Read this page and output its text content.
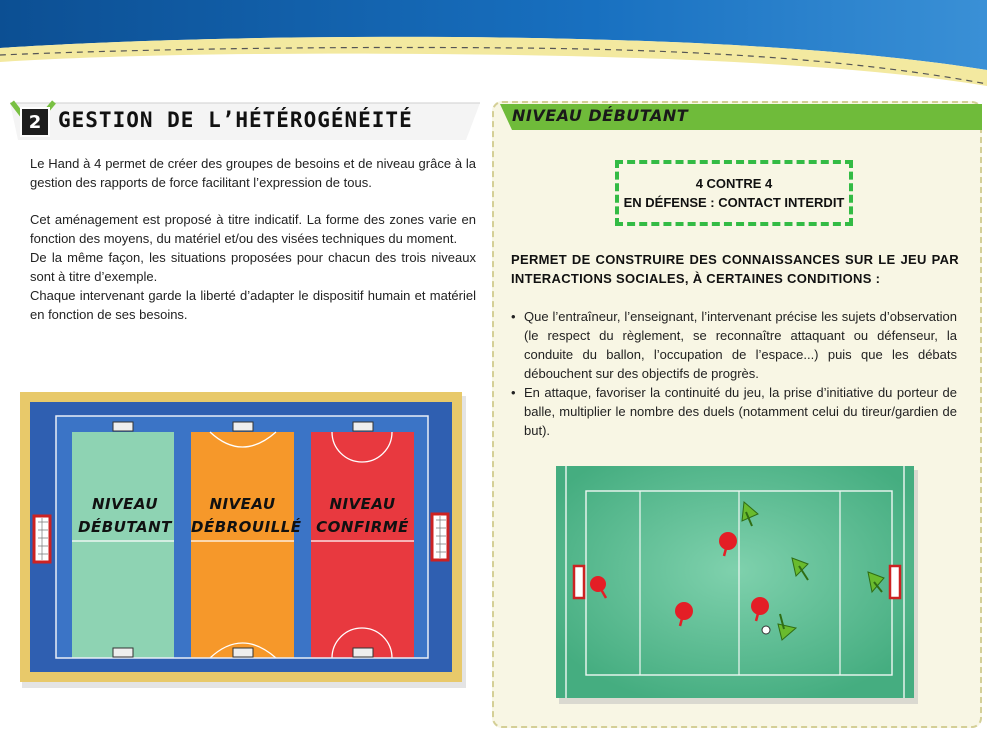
2 GESTION DE L’HÉTÉROGÉNÉITÉ

Le Hand à 4 permet de créer des groupes de besoins et de niveau grâce à la gestion des rapports de force facilitant l’expression de tous.

Cet aménagement est proposé à titre indicatif. La forme des zones varie en fonction des moyens, du matériel et/ou des visées techniques du moment.

De la même façon, les situations proposées pour chacun des trois niveaux sont à titre d’exemple.

Chaque intervenant garde la liberté d’adapter le dispositif humain et matériel en fonction de ses besoins.

NIVEAU
DÉBUTANT
NIVEAU
DÉBROUILLÉ
NIVEAU
CONFIRMÉ
NIVEAU DÉBUTANT
4 CONTRE 4
EN DÉFENSE : CONTACT INTERDIT
PERMET DE CONSTRUIRE DES CONNAISSANCES SUR LE JEU PAR INTERACTIONS SOCIALES, À CERTAINES CONDITIONS :
• Que l’entraîneur, l’enseignant, l’intervenant précise les sujets d’observation (le respect du règlement, se reconnaître attaquant ou défenseur, la conduite du ballon, l’occupation de l’espace...) puis que les débats débouchent sur des objectifs de progrès.
• En attaque, favoriser la continuité du jeu, la prise d’initiative du porteur de balle, multiplier le nombre des duels (notamment celui du tireur/gardien de but).
